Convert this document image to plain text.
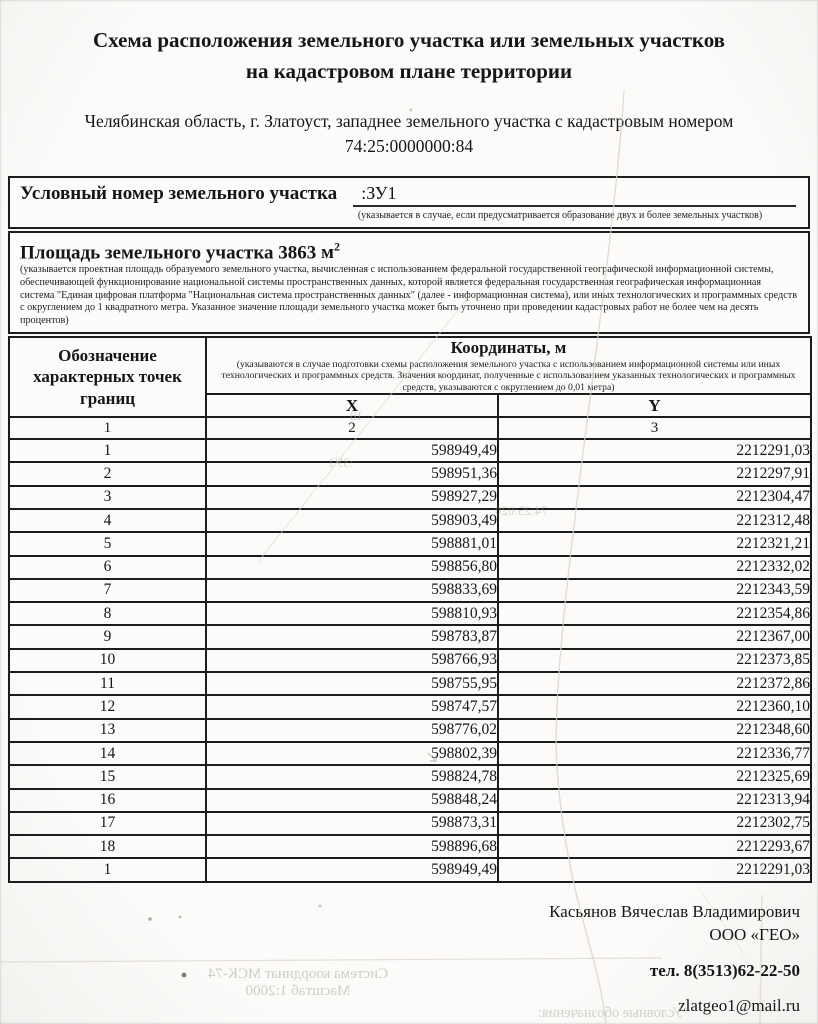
Схема расположения земельного участка или земельных участков
на кадастровом плане территории
Челябинская область, г. Златоуст, западнее земельного участка с кадастровым номером
74:25:0000000:84
Условный номер земельного участка	:ЗУ1
(указывается в случае, если предусматривается образование двух и более земельных участков)
Площадь земельного участка 3863 $м^2$
(указывается проектная площадь образуемого земельного участка, вычисленная с использованием федеральной государственной географической информационной системы, обеспечивающей функционирование национальной системы пространственных данных, которой является федеральная государственная географическая информационная система "Единая цифровая платформа "Национальная система пространственных данных" (далее - информационная система), или иных технологических и программных средств с округлением до 1 квадратного метра. Указанное значение площади земельного участка может быть уточнено при проведении кадастровых работ не более чем на десять процентов)
Обозначение характерных точек границ	Координаты, м
(указываются в случае подготовки схемы расположения земельного участка с использованием информационной системы или иных технологических и программных средств. Значения координат, полученные с использованием указанных технологических и программных средств, указываются с округлением до 0,01 метра)	

	X	Y
1	2	3
1	598949,49	2212291,03
2	598951,36	2212297,91
3	598927,29	2212304,47
4	598903,49	2212312,48
5	598881,01	2212321,21
6	598856,80	2212332,02
7	598833,69	2212343,59
8	598810,93	2212354,86
9	598783,87	2212367,00
10	598766,93	2212373,85
11	598755,95	2212372,86
12	598747,57	2212360,10
13	598776,02	2212348,60
14	598802,39	2212336,77
15	598824,78	2212325,69
16	598848,24	2212313,94
17	598873,31	2212302,75
18	598896,68	2212293,67
1	598949,49	2212291,03
Касьянов Вячеслав Владимирович
ООО «ГЕО»
тел. 8(3513)62-22-50
zlatgeo1@mail.ru
Система координат МСК-74
Масштаб 1:2000
Условные обозначения:
74:25:020
:ЗУ1
18
